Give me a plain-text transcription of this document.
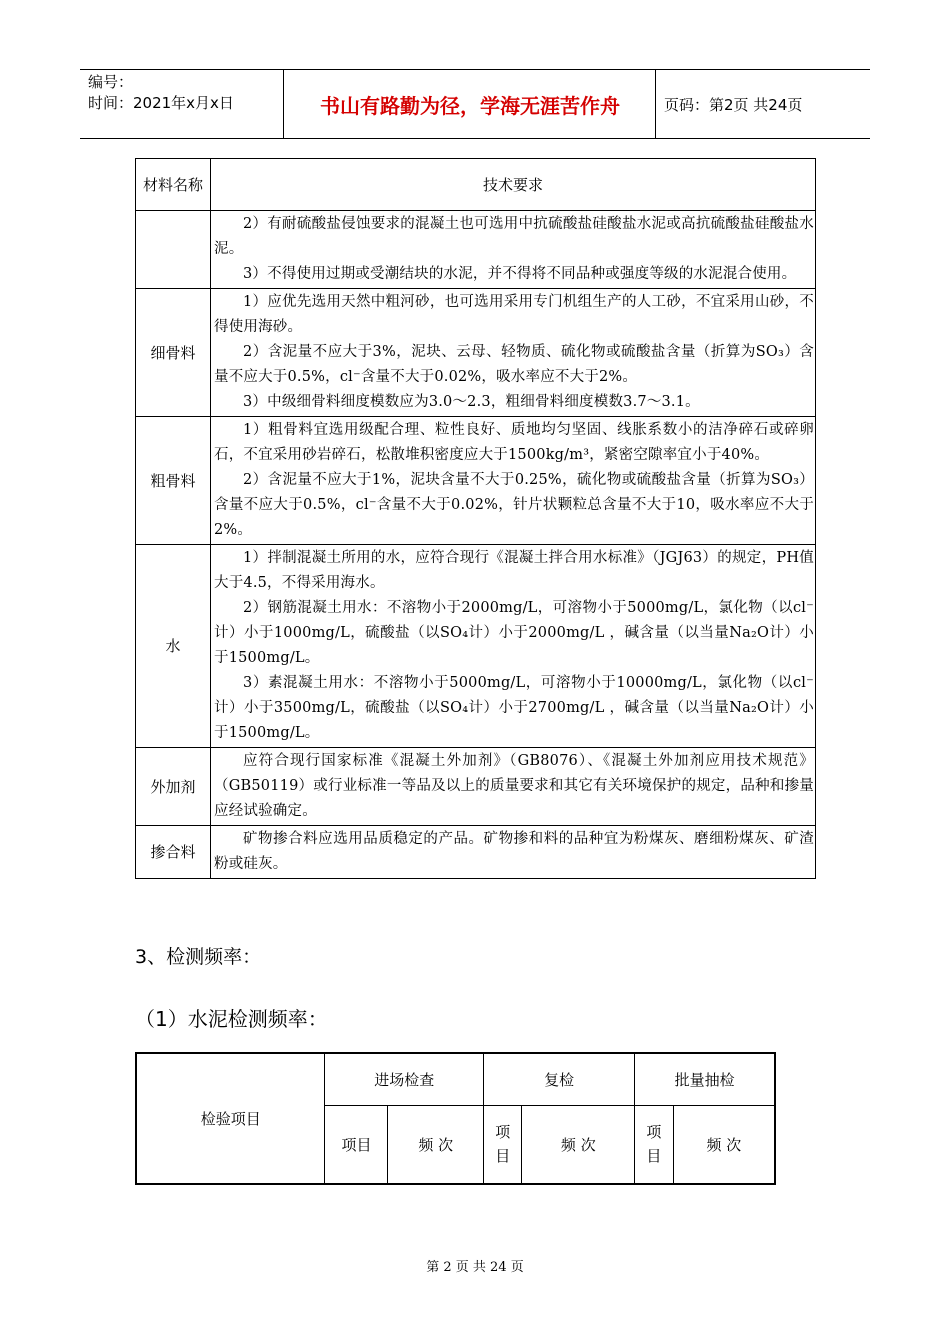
编号：
时间：2021年x月x日	书山有路勤为径，学海无涯苦作舟	页码：第2页 共24页
材料名称	技术要求

	2）有耐硫酸盐侵蚀要求的混凝土也可选用中抗硫酸盐硅酸盐水泥或高抗硫酸盐硅酸盐水泥。

3）不得使用过期或受潮结块的水泥，并不得将不同品种或强度等级的水泥混合使用。

细骨料	1）应优先选用天然中粗河砂，也可选用采用专门机组生产的人工砂，不宜采用山砂，不得使用海砂。

2）含泥量不应大于3%，泥块、云母、轻物质、硫化物或硫酸盐含量（折算为SO₃）含量不应大于0.5%，cl⁻含量不大于0.02%，吸水率应不大于2%。

3）中级细骨料细度模数应为3.0～2.3，粗细骨料细度模数3.7～3.1。

粗骨料	1）粗骨料宜选用级配合理、粒性良好、质地均匀坚固、线胀系数小的洁净碎石或碎卵石，不宜采用砂岩碎石，松散堆积密度应大于1500kg/m³，紧密空隙率宜小于40%。

2）含泥量不应大于1%，泥块含量不大于0.25%，硫化物或硫酸盐含量（折算为SO₃）含量不应大于0.5%，cl⁻含量不大于0.02%，针片状颗粒总含量不大于10，吸水率应不大于2%。

水	1）拌制混凝土所用的水，应符合现行《混凝土拌合用水标准》（JGJ63）的规定，PH值大于4.5，不得采用海水。

2）钢筋混凝土用水：不溶物小于2000mg/L，可溶物小于5000mg/L，氯化物（以cl⁻计）小于1000mg/L，硫酸盐（以SO₄计）小于2000mg/L ，碱含量（以当量Na₂O计）小于1500mg/L。

3）素混凝土用水：不溶物小于5000mg/L，可溶物小于10000mg/L，氯化物（以cl⁻计）小于3500mg/L，硫酸盐（以SO₄计）小于2700mg/L ，碱含量（以当量Na₂O计）小于1500mg/L。

外加剂	应符合现行国家标准《混凝土外加剂》（GB8076）、《混凝土外加剂应用技术规范》（GB50119）或行业标准一等品及以上的质量要求和其它有关环境保护的规定，品种和掺量应经试验确定。

掺合料	矿物掺合料应选用品质稳定的产品。矿物掺和料的品种宜为粉煤灰、磨细粉煤灰、矿渣粉或硅灰。

3、检测频率：
（1）水泥检测频率：
检验项目	进场检查		复检		批量抽检	
	项目	频 次	项目	频 次	项目	频 次
第 2 页 共 24 页
